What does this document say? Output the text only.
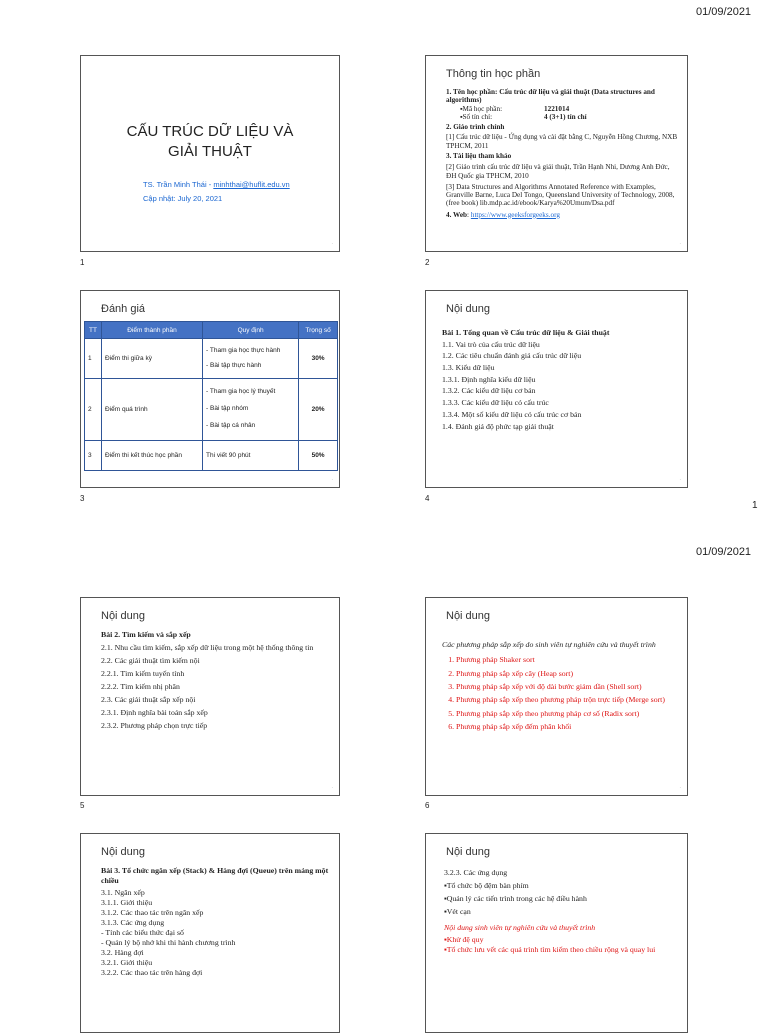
01/09/2021
CẤU TRÚC DỮ LIỆU VÀ
GIẢI THUẬT
TS. Trần Minh Thái - minhthai@huflit.edu.vn
Cập nhật: July 20, 2021
·
1
Thông tin học phần
1. Tên học phần: Cấu trúc dữ liệu và giải thuật (Data structures and algorithms)
▪Mã học phần:	1221014
▪Số tín chỉ:	4 (3+1) tín chỉ
2. Giáo trình chính
[1] Cấu trúc dữ liệu - Ứng dụng và cài đặt bằng C, Nguyễn Hồng Chương, NXB TPHCM, 2011
3. Tài liệu tham khảo
[2] Giáo trình cấu trúc dữ liệu và giải thuật, Trần Hạnh Nhi, Dương Anh Đức, ĐH Quốc gia TPHCM, 2010
[3] Data Structures and Algorithms Annotated Reference with Examples, Granville Barne, Luca Del Tongo, Queensland University of Technology, 2008, (free book) lib.mdp.ac.id/ebook/Karya%20Umum/Dsa.pdf
4. Web: https://www.geeksforgeeks.org
·
2
Đánh giá
TT	Điểm thành phần	Quy định	Trọng số
1	Điểm thi giữa kỳ	- Tham gia học thực hành
- Bài tập thực hành	30%
2	Điểm quá trình	- Tham gia học lý thuyết
- Bài tập nhóm
- Bài tập cá nhân	20%
3	Điểm thi kết thúc học phần	Thi viết 90 phút	50%
·
3
Nội dung
Bài 1. Tổng quan về Cấu trúc dữ liệu & Giải thuật
1.1. Vai trò của cấu trúc dữ liệu
1.2. Các tiêu chuẩn đánh giá cấu trúc dữ liệu
1.3. Kiểu dữ liệu
1.3.1. Định nghĩa kiểu dữ liệu
1.3.2. Các kiểu dữ liệu cơ bản
1.3.3. Các kiểu dữ liệu có cấu trúc
1.3.4. Một số kiểu dữ liệu có cấu trúc cơ bản
1.4. Đánh giá độ phức tạp giải thuật
·
4
1
01/09/2021
Nội dung
Bài 2. Tìm kiếm và sắp xếp
2.1. Nhu cầu tìm kiếm, sắp xếp dữ liệu trong một hệ thống thông tin
2.2. Các giải thuật tìm kiếm nội
2.2.1. Tìm kiếm tuyến tính
2.2.2. Tìm kiếm nhị phân
2.3. Các giải thuật sắp xếp nội
2.3.1. Định nghĩa bài toán sắp xếp
2.3.2. Phương pháp chọn trực tiếp
·
5
Nội dung
Các phương pháp sắp xếp do sinh viên tự nghiên cứu và thuyết trình
1. Phương pháp Shaker sort
2. Phương pháp sắp xếp cây (Heap sort)
3. Phương pháp sắp xếp với độ dài bước giảm dần (Shell sort)
4. Phương pháp sắp xếp theo phương pháp trộn trực tiếp (Merge sort)
5. Phương pháp sắp xếp theo phương pháp cơ số (Radix sort)
6. Phương pháp sắp xếp đếm phân khối
·
6
Nội dung
Bài 3. Tổ chức ngăn xếp (Stack) & Hàng đợi (Queue) trên mảng một chiều
3.1. Ngăn xếp
3.1.1. Giới thiệu
3.1.2. Các thao tác trên ngăn xếp
3.1.3. Các ứng dụng
- Tính các biểu thức đại số
- Quản lý bộ nhớ khi thi hành chương trình
3.2. Hàng đợi
3.2.1. Giới thiệu
3.2.2. Các thao tác trên hàng đợi
Nội dung
3.2.3. Các ứng dụng
▪Tổ chức bộ đệm bàn phím
▪Quản lý các tiến trình trong các hệ điều hành
▪Vét cạn
Nội dung sinh viên tự nghiên cứu và thuyết trình
▪Khử đệ quy
▪Tổ chức lưu vết các quá trình tìm kiếm theo chiều rộng và quay lui
